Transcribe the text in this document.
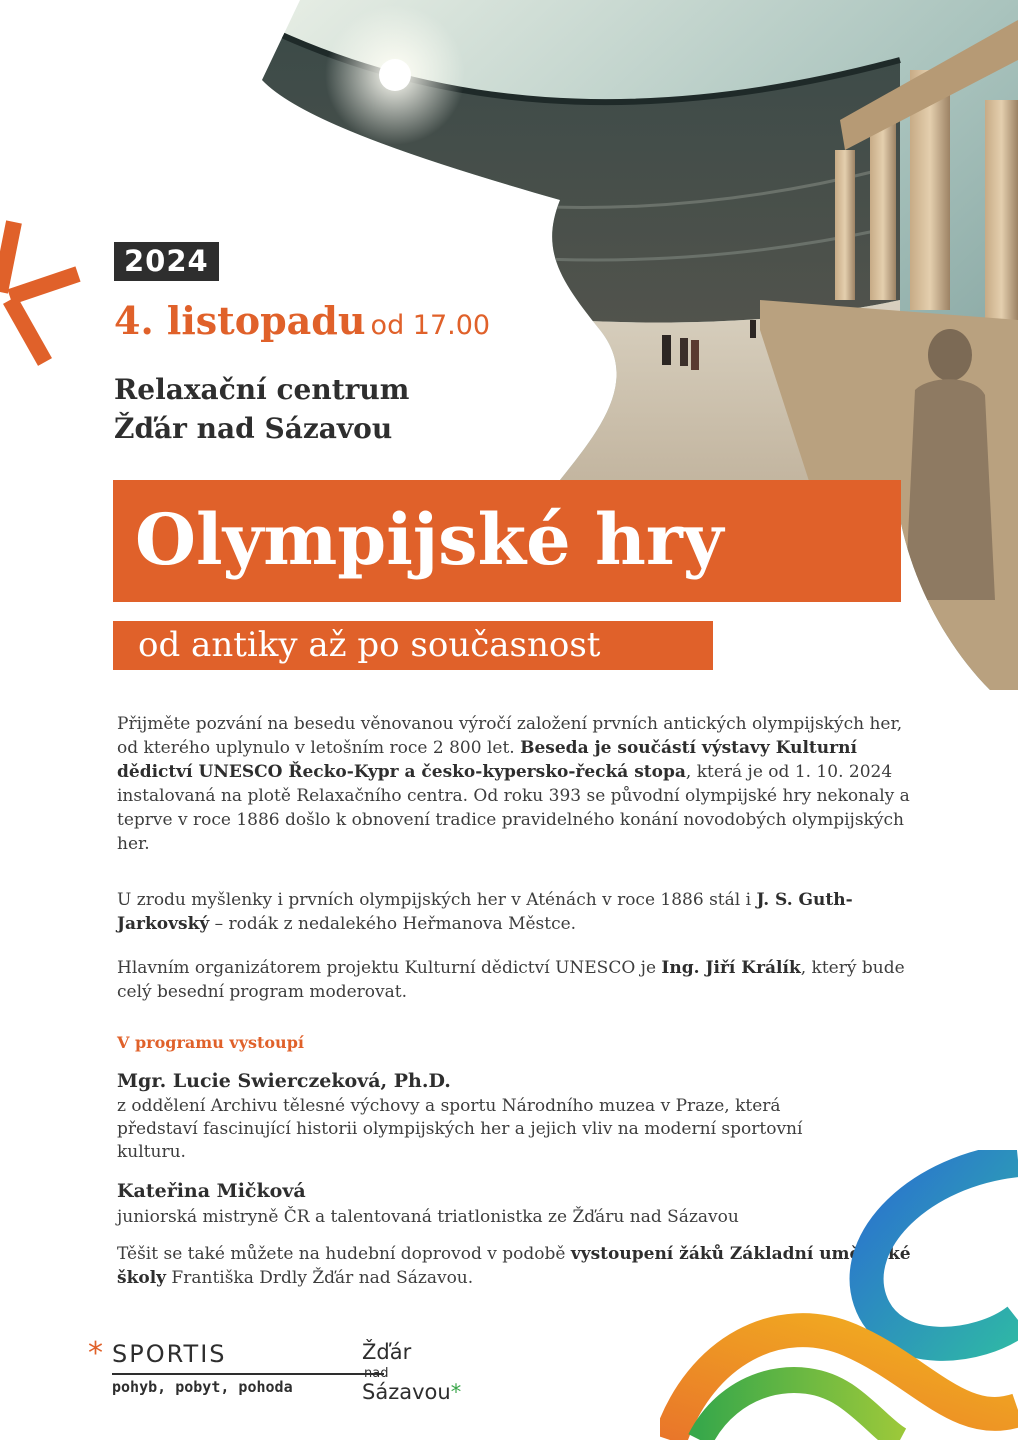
2024
4. listopadu od 17.00
Relaxační centrum
Žďár nad Sázavou
Olympijské hry
od antiky až po současnost
Přijměte pozvání na besedu věnovanou výročí založení prvních antických olympijských her, od kterého uplynulo v letošním roce 2 800 let. Beseda je součástí výstavy Kulturní dědictví UNESCO Řecko-Kypr a česko-kypersko-řecká stopa, která je od 1. 10. 2024 instalovaná na plotě Relaxačního centra. Od roku 393 se původní olympijské hry nekonaly a teprve v roce 1886 došlo k obnovení tradice pravidelného konání novodobých olympijských her.
U zrodu myšlenky i prvních olympijských her v Aténách v roce 1886 stál i J. S. Guth-Jarkovský – rodák z nedalekého Heřmanova Městce.
Hlavním organizátorem projektu Kulturní dědictví UNESCO je Ing. Jiří Králík, který bude celý besední program moderovat.
V programu vystoupí
Mgr. Lucie Swierczeková, Ph.D.
z oddělení Archivu tělesné výchovy a sportu Národního muzea v Praze, která představí fascinující historii olympijských her a jejich vliv na moderní sportovní kulturu.
Kateřina Mičková
juniorská mistryně ČR a talentovaná triatlonistka ze Žďáru nad Sázavou
Těšit se také můžete na hudební doprovod v podobě vystoupení žáků Základní umělecké školy Františka Drdly Žďár nad Sázavou.
* SPORTIS
pohyb, pobyt, pohoda
Žďár
nad
Sázavou*
